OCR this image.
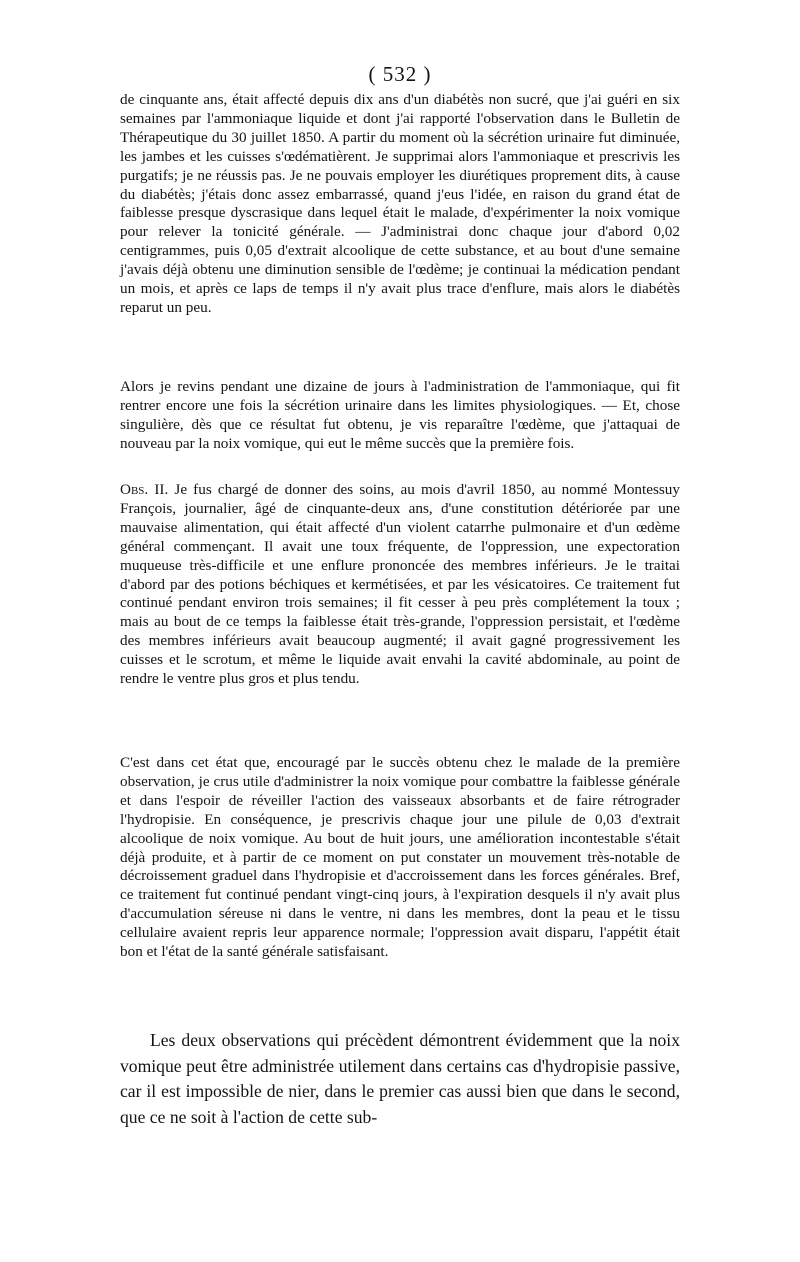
( 532 )

de cinquante ans, était affecté depuis dix ans d'un diabétès non sucré, que j'ai guéri en six semaines par l'ammoniaque liquide et dont j'ai rapporté l'observation dans le Bulletin de Thérapeutique du 30 juillet 1850. A partir du moment où la sécrétion urinaire fut diminuée, les jambes et les cuisses s'œdématièrent. Je supprimai alors l'ammoniaque et prescrivis les purgatifs; je ne réussis pas. Je ne pouvais employer les diurétiques proprement dits, à cause du diabétès; j'étais donc assez embarrassé, quand j'eus l'idée, en raison du grand état de faiblesse presque dyscrasique dans lequel était le malade, d'expérimenter la noix vomique pour relever la tonicité générale. — J'administrai donc chaque jour d'abord 0,02 centigrammes, puis 0,05 d'extrait alcoolique de cette substance, et au bout d'une semaine j'avais déjà obtenu une diminution sensible de l'œdème; je continuai la médication pendant un mois, et après ce laps de temps il n'y avait plus trace d'enflure, mais alors le diabétès reparut un peu.

Alors je revins pendant une dizaine de jours à l'administration de l'ammoniaque, qui fit rentrer encore une fois la sécrétion urinaire dans les limites physiologiques. — Et, chose singulière, dès que ce résultat fut obtenu, je vis reparaître l'œdème, que j'attaquai de nouveau par la noix vomique, qui eut le même succès que la première fois.

Obs. II. Je fus chargé de donner des soins, au mois d'avril 1850, au nommé Montessuy François, journalier, âgé de cinquante-deux ans, d'une constitution détériorée par une mauvaise alimentation, qui était affecté d'un violent catarrhe pulmonaire et d'un œdème général commençant. Il avait une toux fréquente, de l'oppression, une expectoration muqueuse très-difficile et une enflure prononcée des membres inférieurs. Je le traitai d'abord par des potions béchiques et kermétisées, et par les vésicatoires. Ce traitement fut continué pendant environ trois semaines; il fit cesser à peu près complétement la toux ; mais au bout de ce temps la faiblesse était très-grande, l'oppression persistait, et l'œdème des membres inférieurs avait beaucoup augmenté; il avait gagné progressivement les cuisses et le scrotum, et même le liquide avait envahi la cavité abdominale, au point de rendre le ventre plus gros et plus tendu.

C'est dans cet état que, encouragé par le succès obtenu chez le malade de la première observation, je crus utile d'administrer la noix vomique pour combattre la faiblesse générale et dans l'espoir de réveiller l'action des vaisseaux absorbants et de faire rétrograder l'hydropisie. En conséquence, je prescrivis chaque jour une pilule de 0,03 d'extrait alcoolique de noix vomique. Au bout de huit jours, une amélioration incontestable s'était déjà produite, et à partir de ce moment on put constater un mouvement très-notable de décroissement graduel dans l'hydropisie et d'accroissement dans les forces générales. Bref, ce traitement fut continué pendant vingt-cinq jours, à l'expiration desquels il n'y avait plus d'accumulation séreuse ni dans le ventre, ni dans les membres, dont la peau et le tissu cellulaire avaient repris leur apparence normale; l'oppression avait disparu, l'appétit était bon et l'état de la santé générale satisfaisant.

Les deux observations qui précèdent démontrent évidemment que la noix vomique peut être administrée utilement dans certains cas d'hydropisie passive, car il est impossible de nier, dans le premier cas aussi bien que dans le second, que ce ne soit à l'action de cette sub-
